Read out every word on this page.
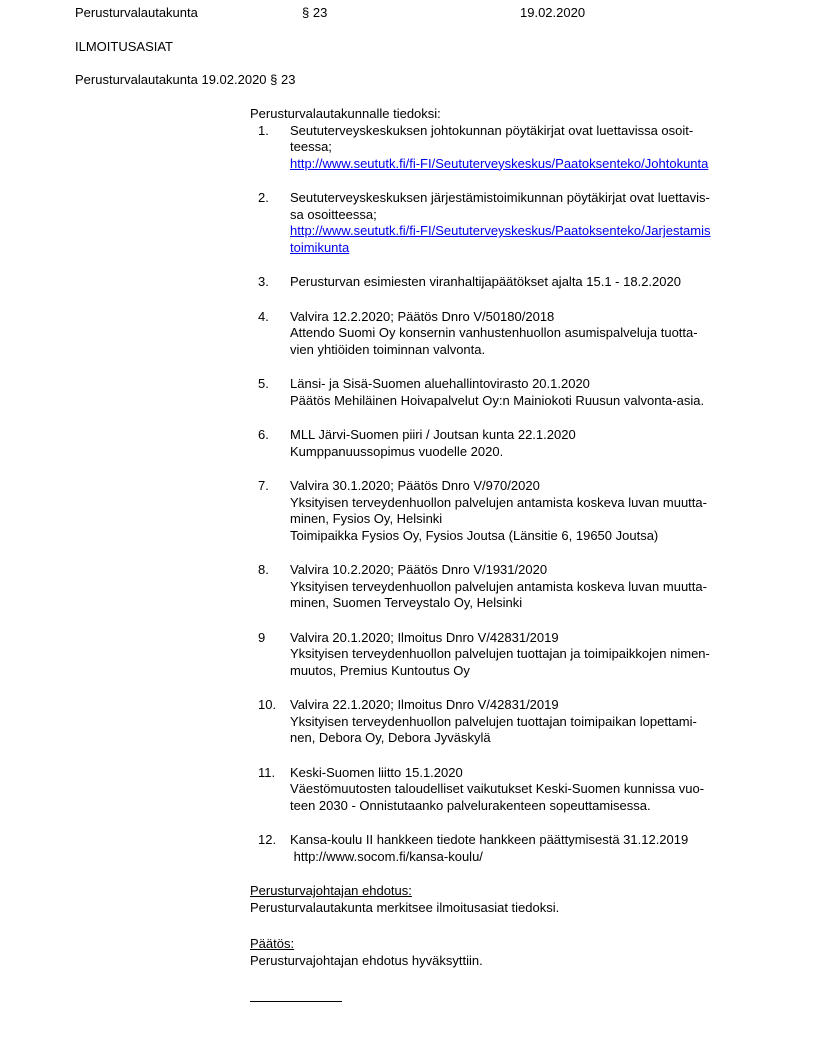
Perusturvalautakunta	§ 23	19.02.2020
ILMOITUSASIAT
Perusturvalautakunta 19.02.2020 § 23
Perusturvalautakunnalle tiedoksi:
1.	Seututerveyskeskuksen johtokunnan pöytäkirjat ovat luettavissa osoit-
teessa;
http://www.seututk.fi/fi-FI/Seututerveyskeskus/Paatoksenteko/Johtokunta
2.	Seututerveyskeskuksen järjestämistoimikunnan pöytäkirjat ovat luettavis-
sa osoitteessa;
http://www.seututk.fi/fi-FI/Seututerveyskeskus/Paatoksenteko/Jarjestamis
toimikunta
3.	Perusturvan esimiesten viranhaltijapäätökset ajalta 15.1 - 18.2.2020
4.	Valvira 12.2.2020; Päätös Dnro V/50180/2018
Attendo Suomi Oy konsernin vanhustenhuollon asumispalveluja tuotta-
vien yhtiöiden toiminnan valvonta.
5.	Länsi- ja Sisä-Suomen aluehallintovirasto 20.1.2020
Päätös Mehiläinen Hoivapalvelut Oy:n Mainiokoti Ruusun valvonta-asia.
6.	MLL Järvi-Suomen piiri / Joutsan kunta 22.1.2020
Kumppanuussopimus vuodelle 2020.
7.	Valvira 30.1.2020; Päätös Dnro V/970/2020
Yksityisen terveydenhuollon palvelujen antamista koskeva luvan muutta-
minen, Fysios Oy, Helsinki
Toimipaikka Fysios Oy, Fysios Joutsa (Länsitie 6, 19650 Joutsa)
8.	Valvira 10.2.2020; Päätös Dnro V/1931/2020
Yksityisen terveydenhuollon palvelujen antamista koskeva luvan muutta-
minen, Suomen Terveystalo Oy, Helsinki
9	Valvira 20.1.2020; Ilmoitus Dnro V/42831/2019
Yksityisen terveydenhuollon palvelujen tuottajan ja toimipaikkojen nimen-
muutos, Premius Kuntoutus Oy
10.	Valvira 22.1.2020; Ilmoitus Dnro V/42831/2019
Yksityisen terveydenhuollon palvelujen tuottajan toimipaikan lopettami-
nen, Debora Oy, Debora Jyväskylä
11.	Keski-Suomen liitto 15.1.2020
Väestömuutosten taloudelliset vaikutukset Keski-Suomen kunnissa vuo-
teen 2030 - Onnistutaanko palvelurakenteen sopeuttamisessa.
12.	Kansa-koulu II hankkeen tiedote hankkeen päättymisestä 31.12.2019
http://www.socom.fi/kansa-koulu/
Perusturvajohtajan ehdotus:
Perusturvalautakunta merkitsee ilmoitusasiat tiedoksi.
Päätös:
Perusturvajohtajan ehdotus hyväksyttiin.
